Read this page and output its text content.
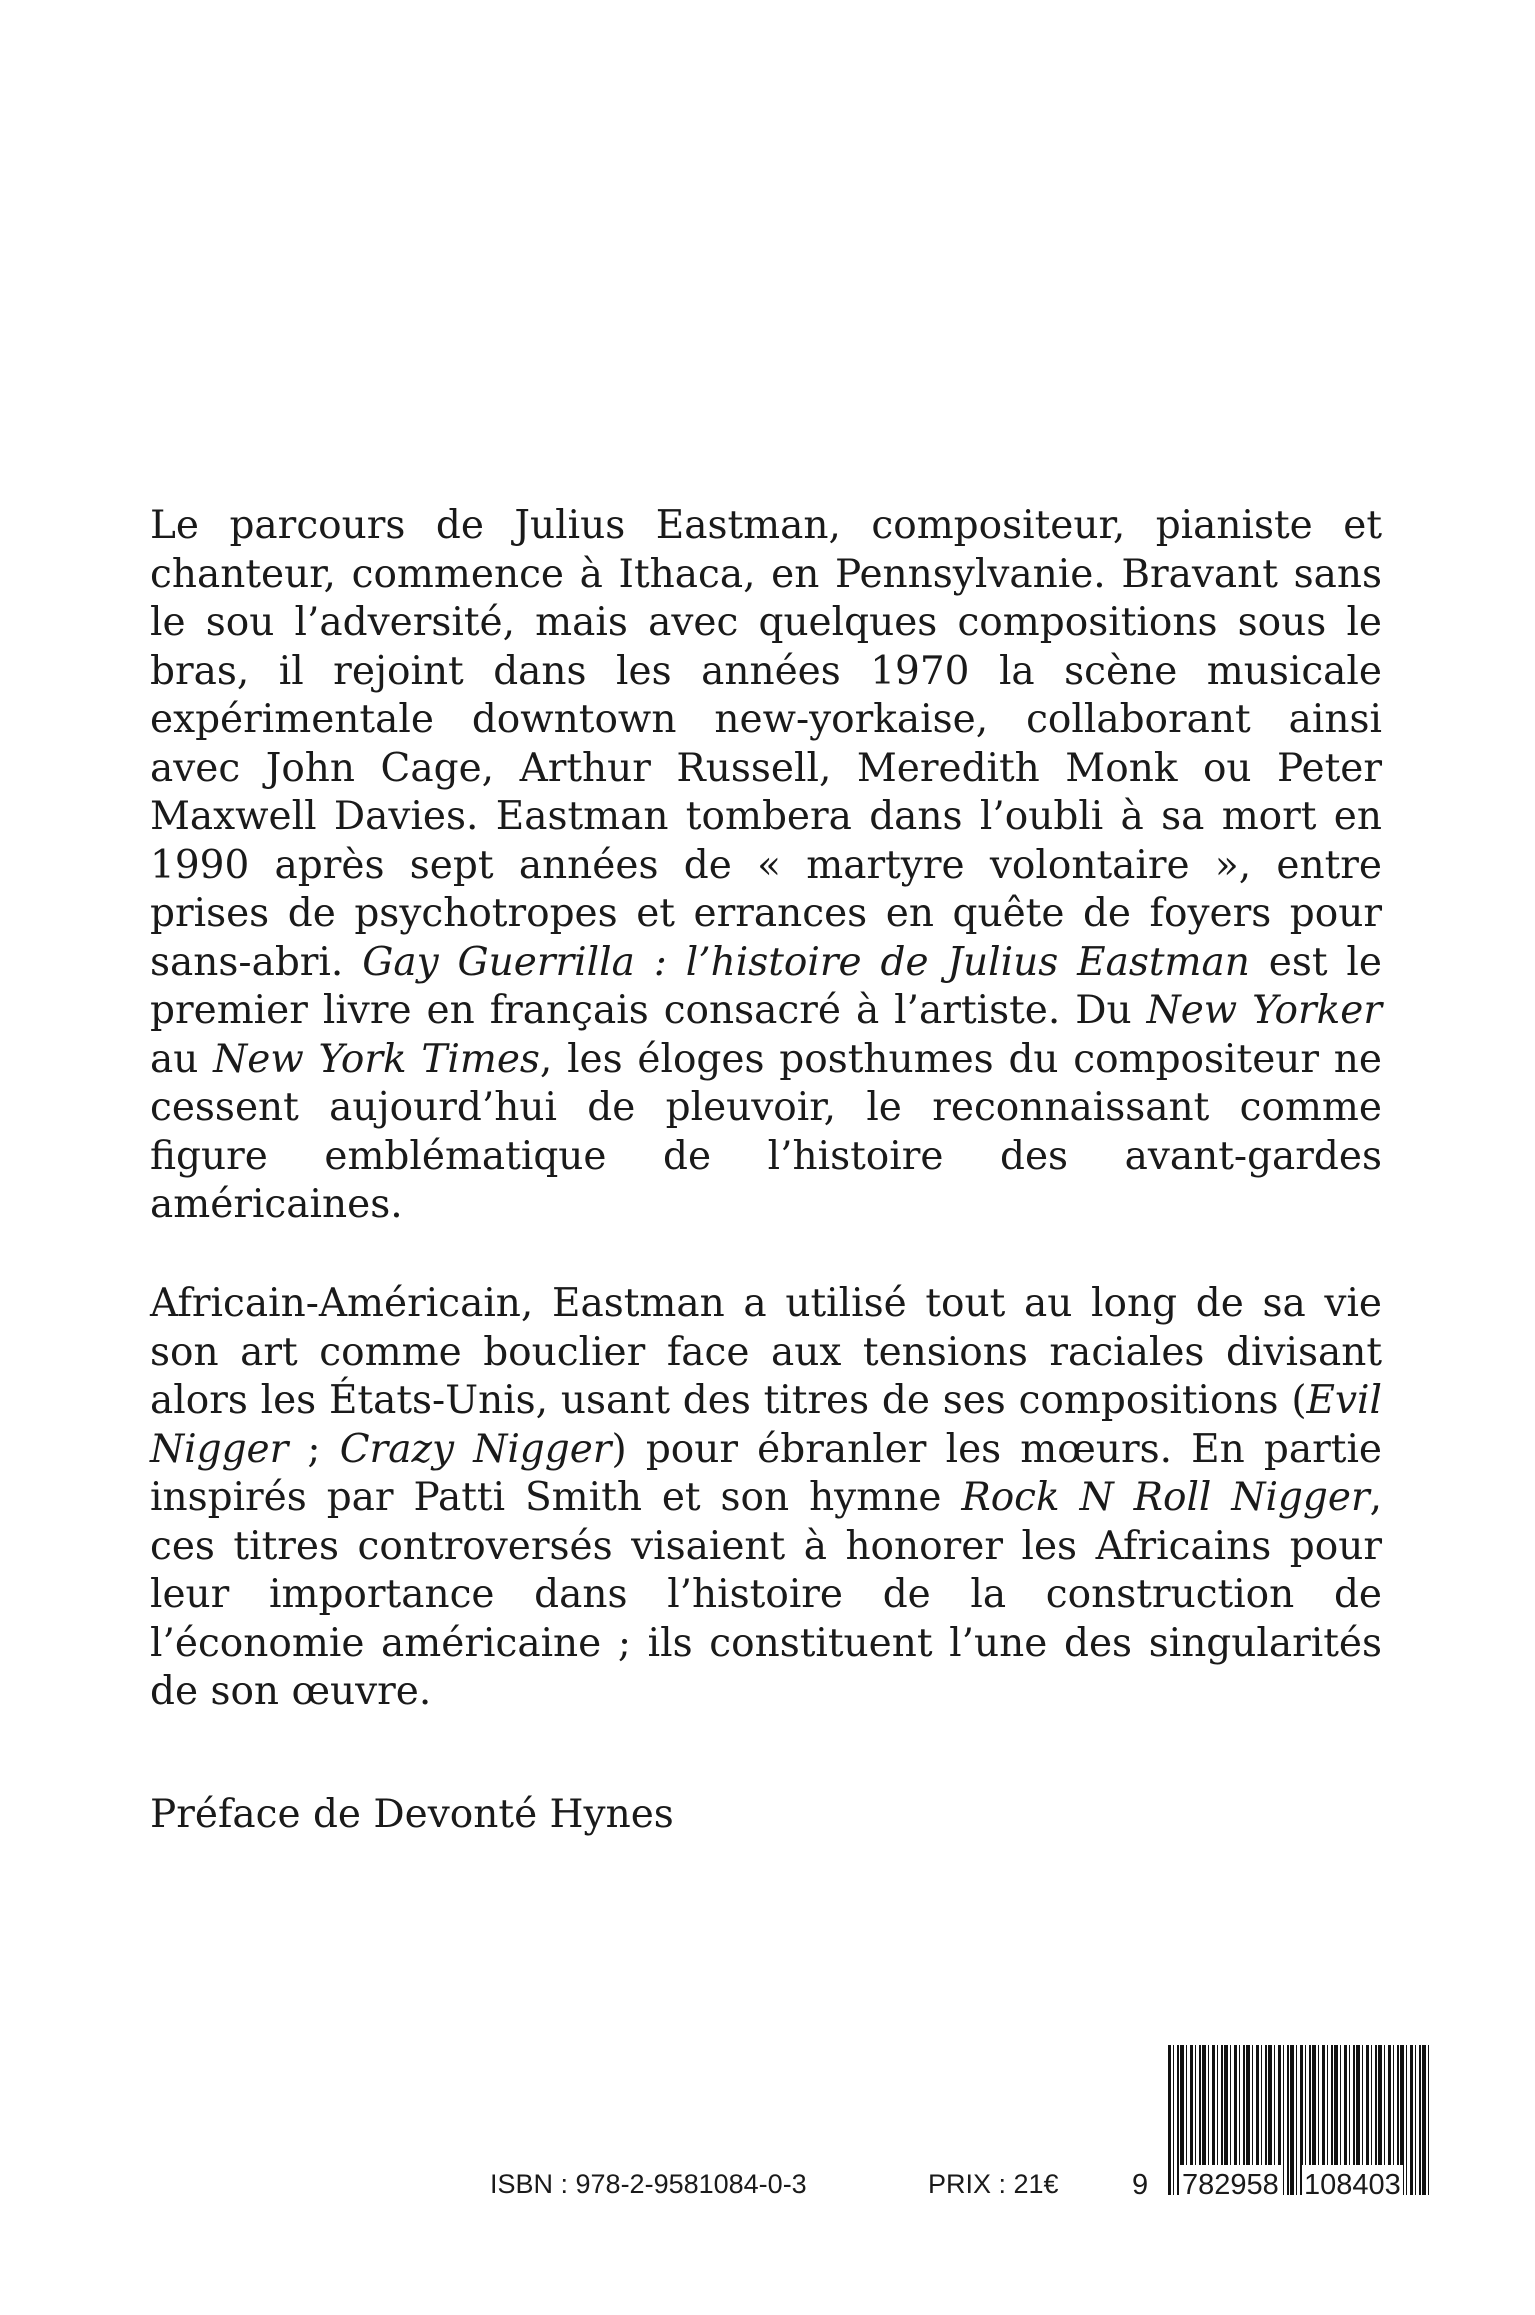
Le parcours de Julius Eastman, compositeur, pianiste et chanteur, commence à Ithaca, en Pennsylvanie. Bravant sans le sou l’adversité, mais avec quelques compositions sous le bras, il rejoint dans les années 1970 la scène musicale expérimentale downtown new-yorkaise, collaborant ainsi avec John Cage, Arthur Russell, Meredith Monk ou Peter Maxwell Davies. Eastman tombera dans l’oubli à sa mort en 1990 après sept années de « martyre volontaire », entre prises de psychotropes et errances en quête de foyers pour sans-abri. Gay Guerrilla : l’histoire de Julius Eastman est le premier livre en français consacré à l’artiste. Du New Yorker au New York Times, les éloges posthumes du compositeur ne cessent aujourd’hui de pleuvoir, le reconnaissant comme figure emblématique de l’histoire des avant-gardes américaines.

Africain-Américain, Eastman a utilisé tout au long de sa vie son art comme bouclier face aux tensions raciales divisant alors les États-Unis, usant des titres de ses compositions (Evil Nigger ; Crazy Nigger) pour ébranler les mœurs. En partie inspirés par Patti Smith et son hymne Rock N Roll Nigger, ces titres controversés visaient à honorer les Africains pour leur importance dans l’histoire de la construction de l’économie américaine ; ils constituent l’une des singularités de son œuvre.

Préface de Devonté Hynes

ISBN : 978-2-9581084-0-3	PRIX : 21€	9 782958 108403
